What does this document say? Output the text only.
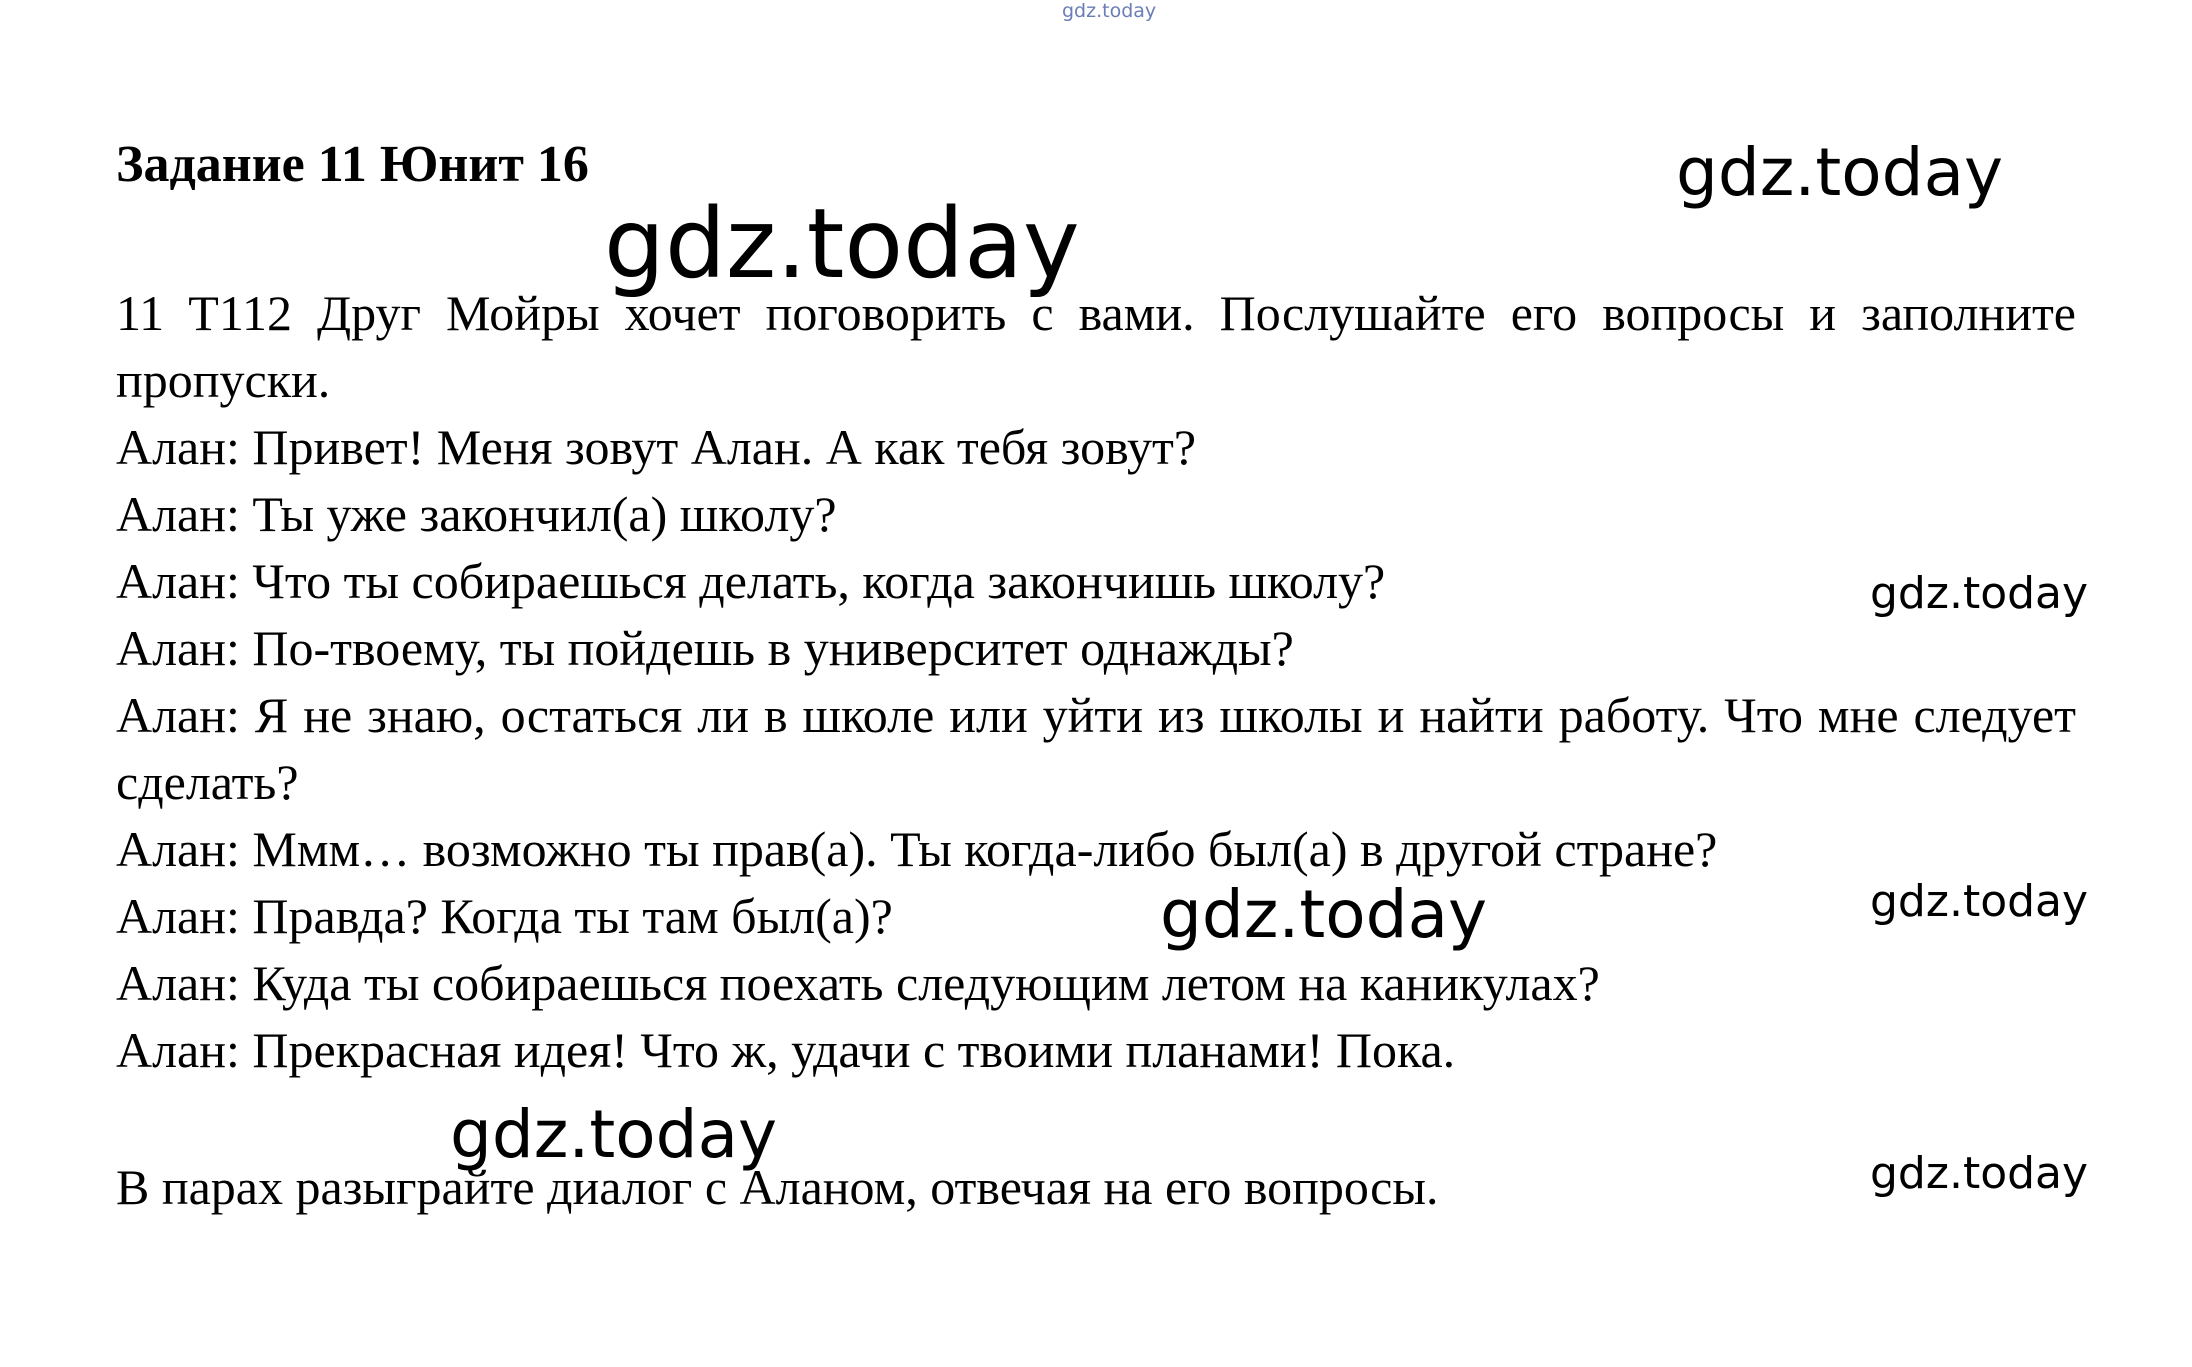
gdz.today
gdz.today
gdz.today
gdz.today
gdz.today	gdz.today
gdz.today
gdz.today
Задание 11 Юнит 16

11 T112 Друг Мойры хочет поговорить с вами. Послушайте его вопросы и заполните пропуски.

Алан: Привет! Меня зовут Алан. А как тебя зовут?

Алан: Ты уже закончил(а) школу?

Алан: Что ты собираешься делать, когда закончишь школу?

Алан: По-твоему, ты пойдешь в университет однажды?

Алан: Я не знаю, остаться ли в школе или уйти из школы и найти работу. Что мне следует сделать?

Алан: Ммм… возможно ты прав(а). Ты когда-либо был(а) в другой стране?

Алан: Правда? Когда ты там был(а)?

Алан: Куда ты собираешься поехать следующим летом на каникулах?

Алан: Прекрасная идея! Что ж, удачи с твоими планами! Пока.

В парах разыграйте диалог с Аланом, отвечая на его вопросы.
